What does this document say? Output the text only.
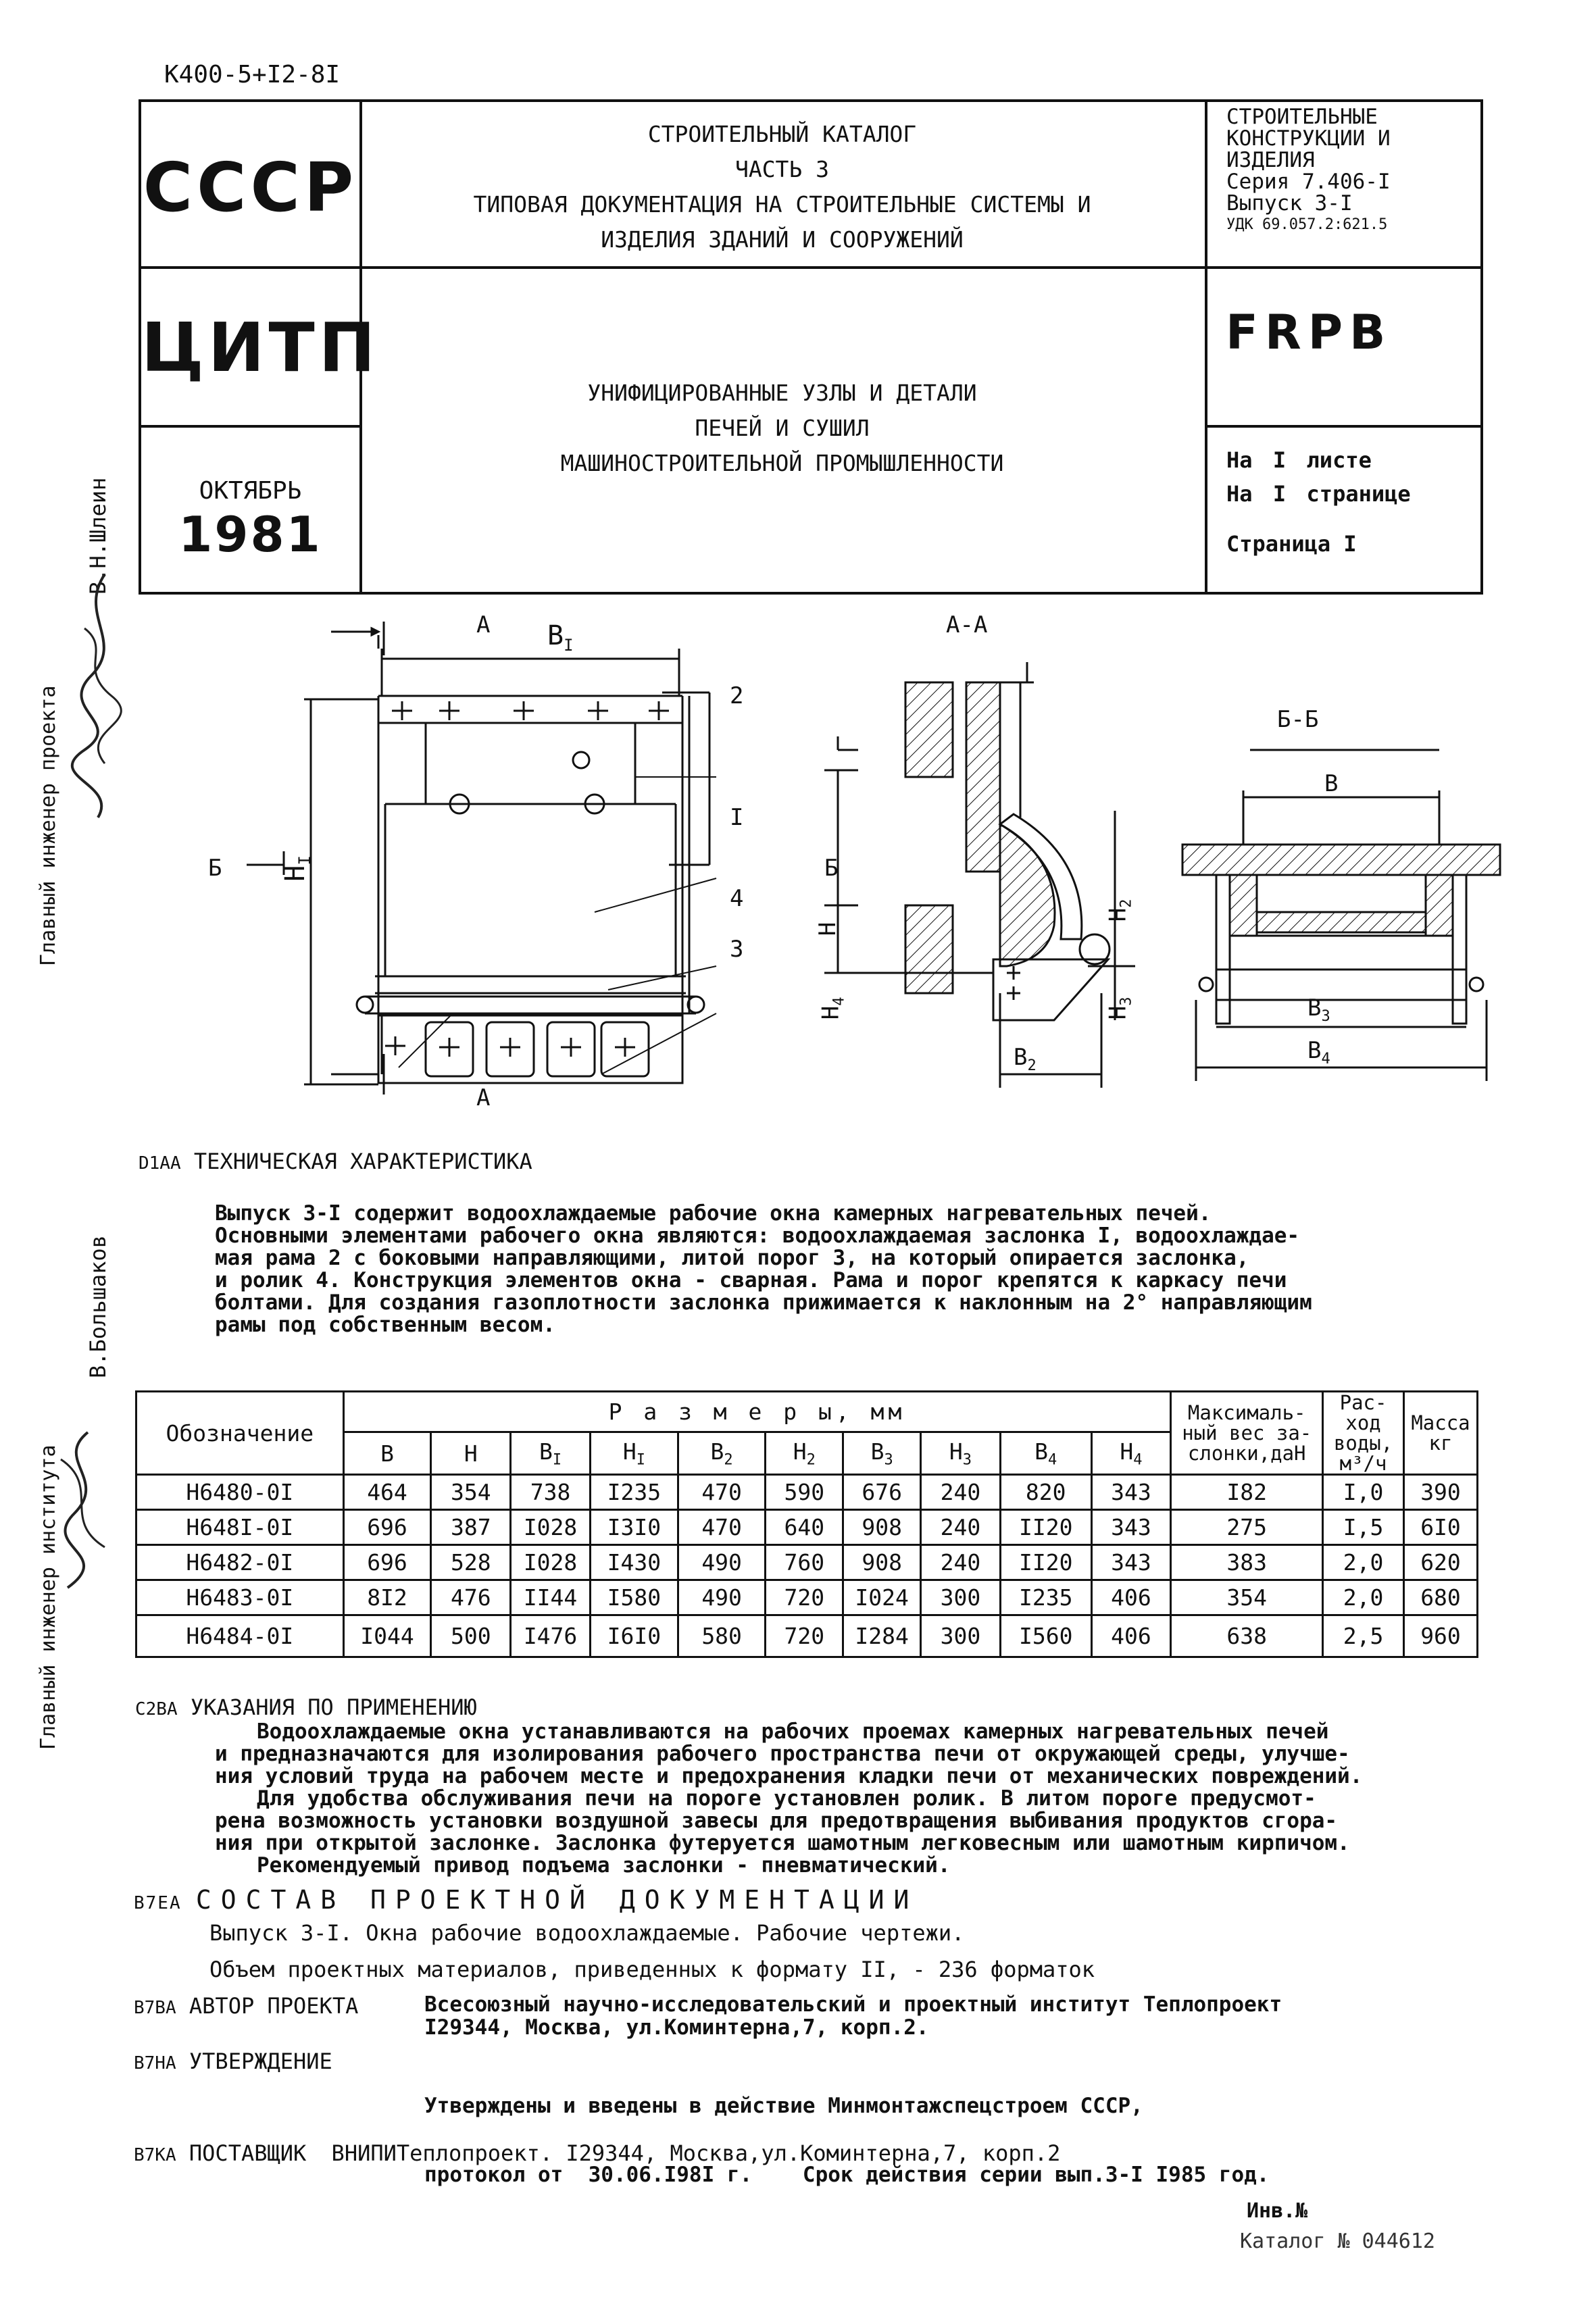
К400-5+I2-8I
СССР
ЦИТП
ОКТЯБРЬ
1981
СТРОИТЕЛЬНЫЙ КАТАЛОГ
ЧАСТЬ 3
ТИПОВАЯ ДОКУМЕНТАЦИЯ НА СТРОИТЕЛЬНЫЕ СИСТЕМЫ И
ИЗДЕЛИЯ ЗДАНИЙ И СООРУЖЕНИЙ
УНИФИЦИРОВАННЫЕ УЗЛЫ И ДЕТАЛИ
ПЕЧЕЙ И СУШИЛ
МАШИНОСТРОИТЕЛЬНОЙ ПРОМЫШЛЕННОСТИ
СТРОИТЕЛЬНЫЕ
КОНСТРУКЦИИ И
ИЗДЕЛИЯ
Серия 7.406-I
Выпуск 3-I
УДК 69.057.2:621.5
FRPB
На I листе
На I странице
Страница I
Главный инженер проекта
В.Н.Шлеин
Главный инженер института
В.Большаков
A
A
$B_I$
$H_I$
Б
2
I
4
3
А-А
Б
H
$H_4$
$H_2$
$H_3$
$B_2$
Б-Б
B
$B_3$
$B_4$
D1AA ТЕХНИЧЕСКАЯ ХАРАКТЕРИСТИКА
Выпуск 3-I содержит водоохлаждаемые рабочие окна камерных нагревательных печей.
Основными элементами рабочего окна являются: водоохлаждаемая заслонка I, водоохлаждае-
мая рама 2 с боковыми направляющими, литой порог 3, на который опирается заслонка,
и ролик 4. Конструкция элементов окна - сварная. Рама и порог крепятся к каркасу печи
болтами. Для создания газоплотности заслонка прижимается к наклонным на 2° направляющим
рамы под собственным весом.
Обозначение	Р а з м е р ы, мм										Максималь-ный вес за-слонки,даН	Рас-ход воды, м³/ч	Масса кг
	B	H	$B_I$	$H_I$	$B_2$	$H_2$	$B_3$	$H_3$	$B_4$	$H_4$
Н6480-0I	464	354	738	I235	470	590	676	240	820	343	I82	I,0	390
Н648I-0I	696	387	I028	I3I0	470	640	908	240	II20	343	275	I,5	6I0
Н6482-0I	696	528	I028	I430	490	760	908	240	II20	343	383	2,0	620
Н6483-0I	8I2	476	II44	I580	490	720	I024	300	I235	406	354	2,0	680
Н6484-0I	I044	500	I476	I6I0	580	720	I284	300	I560	406	638	2,5	960
C2BA УКАЗАНИЯ ПО ПРИМЕНЕНИЮ
Водоохлаждаемые окна устанавливаются на рабочих проемах камерных нагревательных печей
и предназначаются для изолирования рабочего пространства печи от окружающей среды, улучше-
ния условий труда на рабочем месте и предохранения кладки печи от механических повреждений.
Для удобства обслуживания печи на пороге установлен ролик. В литом пороге предусмот-
рена возможность установки воздушной завесы для предотвращения выбивания продуктов сгора-
ния при открытой заслонке. Заслонка футеруется шамотным легковесным или шамотным кирпичом.
Рекомендуемый привод подъема заслонки - пневматический.
B7EA СОСТАВ ПРОЕКТНОЙ ДОКУМЕНТАЦИИ
Выпуск 3-I. Окна рабочие водоохлаждаемые. Рабочие чертежи.
Объем проектных материалов, приведенных к формату II, - 236 форматок
B7BA АВТОР ПРОЕКТА	Всесоюзный научно-исследовательский и проектный институт Теплопроект
I29344, Москва, ул.Коминтерна,7, корп.2.
B7HA УТВЕРЖДЕНИЕ

Утверждены и введены в действие Минмонтажспецстроем СССР,

протокол от  30.06.I98I г.    Срок действия серии вып.3-I I985 год.

B7KA ПОСТАВЩИК ВНИПИТеплопроект. I29344, Москва,ул.Коминтерна,7, корп.2
Инв.№
Каталог № 044612
